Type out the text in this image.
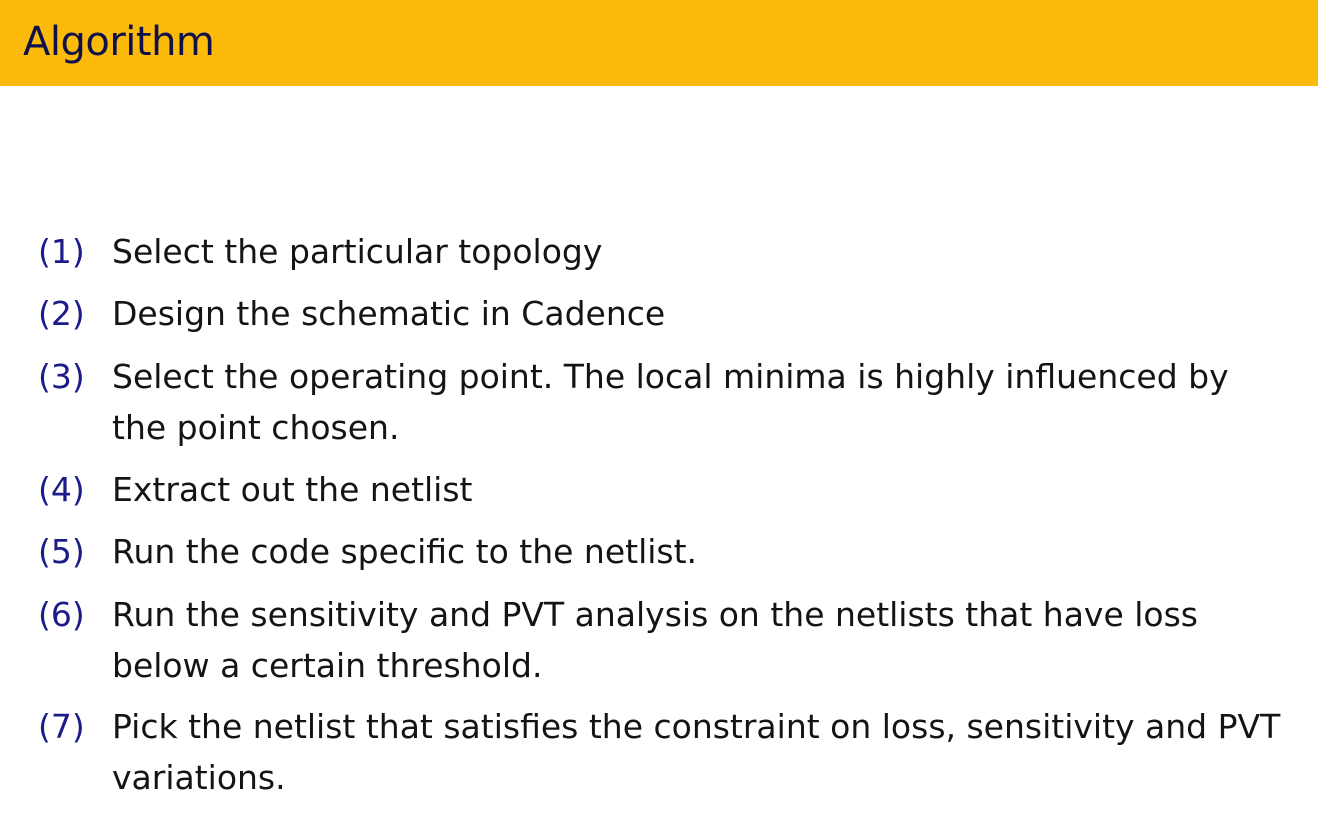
Algorithm
(1) Select the particular topology
(2) Design the schematic in Cadence
(3) Select the operating point. The local minima is highly influenced by the point chosen.
(4) Extract out the netlist
(5) Run the code specific to the netlist.
(6) Run the sensitivity and PVT analysis on the netlists that have loss below a certain threshold.
(7) Pick the netlist that satisfies the constraint on loss, sensitivity and PVT variations.
